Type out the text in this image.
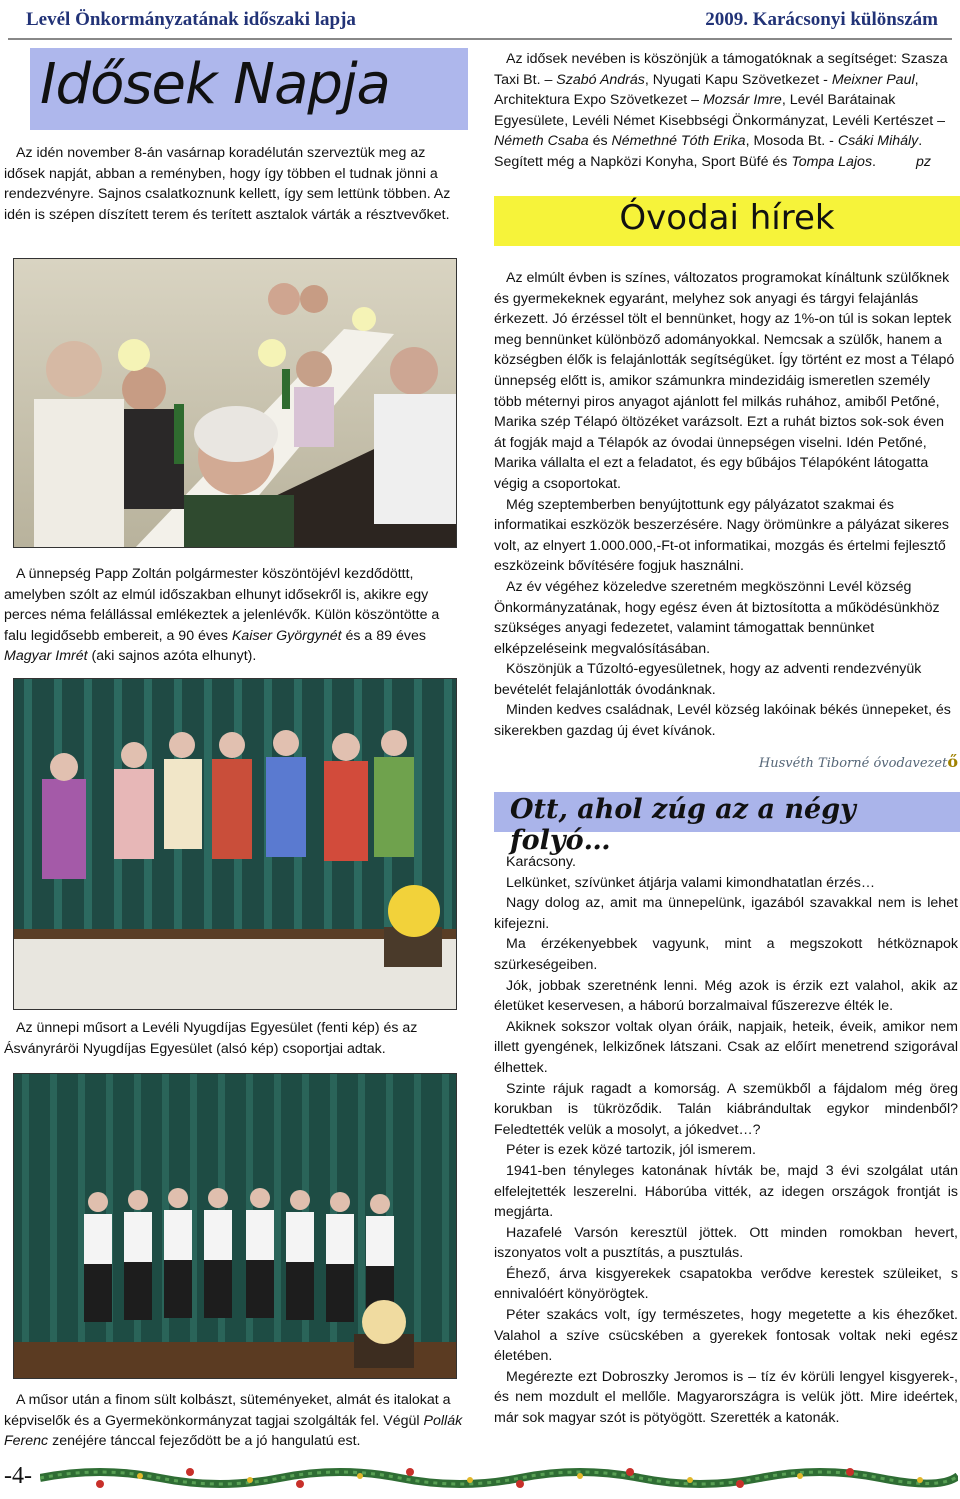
Levél Önkormányzatának időszaki lapja	2009. Karácsonyi különszám
Idősek Napja

Az idén november 8-án vasárnap koradélután szerveztük meg az idősek napját, abban a reményben, hogy így többen el tudnak jönni a rendezvényre. Sajnos csalatkoznunk kellett, így sem lettünk többen. Az idén is szépen díszített terem és terített asztalok várták a résztvevőket.

A ünnepség Papp Zoltán polgármester köszöntöjévl kezdődöttt, amelyben szólt az elmúl időszakban elhunyt idősekről is, akikre egy perces néma felállással emlékeztek a jelenlévők. Külön köszöntötte a falu legidősebb embereit, a 90 éves Kaiser Györgynét és a 89 éves Magyar Imrét (aki sajnos azóta elhunyt).

Az ünnepi műsort a Levéli Nyugdíjas Egyesület (fenti kép) és az Ásványráröi Nyugdíjas Egyesület (alsó kép) csoportjai adtak.

A műsor után a finom sült kolbászt, süteményeket, almát és italokat a képviselők és a Gyermekönkormányzat tagjai szolgálták fel. Végül Pollák Ferenc zenéjére tánccal fejeződött be a jó hangulatú est.

Az idősek nevében is köszönjük a támogatóknak a segítséget: Szasza Taxi Bt. – Szabó András, Nyugati Kapu Szövetkezet - Meixner Paul, Architektura Expo Szövetkezet – Mozsár Imre, Levél Barátainak Egyesülete, Levéli Német Kisebbségi Önkormányzat, Levéli Kertészet – Németh Csaba és Némethné Tóth Erika, Mosoda Bt. - Csáki Mihály. Segített még a Napközi Konyha, Sport Büfé és Tompa Lajos.	pz

Óvodai hírek

Az elmúlt évben is színes, változatos programokat kínáltunk szülőknek és gyermekeknek egyaránt, melyhez sok anyagi és tárgyi felajánlás érkezett. Jó érzéssel tölt el bennünket, hogy az 1%-on túl is sokan leptek meg bennünket különböző adományokkal. Nemcsak a szülők, hanem a községben élők is felajánlották segítségüket. Így történt ez most a Télapó ünnepség előtt is, amikor számunkra mindezidáig ismeretlen személy több méternyi piros anyagot ajánlott fel milkás ruhához, amiből Petőné, Marika szép Télapó öltözéket varázsolt. Ezt a ruhát biztos sok-sok éven át fogják majd a Télapók az óvodai ünnepségen viselni. Idén Petőné, Marika vállalta el ezt a feladatot, és egy bűbájos Télapóként látogatta végig a csoportokat.

Még szeptemberben benyújtottunk egy pályázatot szakmai és informatikai eszközök beszerzésére. Nagy örömünkre a pályázat sikeres volt, az elnyert 1.000.000,-Ft-ot informatikai, mozgás és értelmi fejlesztő eszközeink bővítésére fogjuk használni.

Az év végéhez közeledve szeretném megköszönni Levél község Önkormányzatának, hogy egész éven át biztosította a működésünkhöz szükséges anyagi fedezetet, valamint támogattak bennünket elképzeléseink megvalósításában.

Köszönjük a Tűzoltó-egyesületnek, hogy az adventi rendezvényük bevételét felajánlották óvodánknak.

Minden kedves családnak, Levél község lakóinak békés ünnepeket, és sikerekben gazdag új évet kívánok.

Husvéth Tiborné óvodavezető
Ott, ahol zúg az a négy folyó…

Karácsony.

Lelkünket, szívünket átjárja valami kimondhatatlan érzés…

Nagy dolog az, amit ma ünnepelünk, igazából szavakkal nem is lehet kifejezni.

Ma érzékenyebbek vagyunk, mint a megszokott hétköznapok szürkeségeiben.

Jók, jobbak szeretnénk lenni. Még azok is érzik ezt valahol, akik az életüket keservesen, a háború borzalmaival fűszerezve élték le.

Akiknek sokszor voltak olyan óráik, napjaik, heteik, éveik, amikor nem illett gyengének, lelkizőnek látszani. Csak az előírt menetrend szigorával élhettek.

Szinte rájuk ragadt a komorság. A szemükből a fájdalom még öreg korukban is tükröződik. Talán kiábrándultak egykor mindenből? Feledtették velük a mosolyt, a jókedvet…?

Péter is ezek közé tartozik, jól ismerem.

1941-ben tényleges katonának hívták be, majd 3 évi szolgálat után elfelejtették leszerelni. Háborúba vitték, az idegen országok frontját is megjárta.

Hazafelé Varsón keresztül jöttek. Ott minden romokban hevert, iszonyatos volt a pusztítás, a pusztulás.

Éhező, árva kisgyerekek csapatokba verődve kerestek szüleiket, s ennivalóért könyörögtek.

Péter szakács volt, így természetes, hogy megetette a kis éhezőket. Valahol a szíve csücskében a gyerekek fontosak voltak neki egész életében.

Megérezte ezt Dobroszky Jeromos is – tíz év körüli lengyel kisgyerek-, és nem mozdult el mellőle. Magyarországra is velük jött. Mire ideértek, már sok magyar szót is pötyögött. Szerették a katonák.

-4-
